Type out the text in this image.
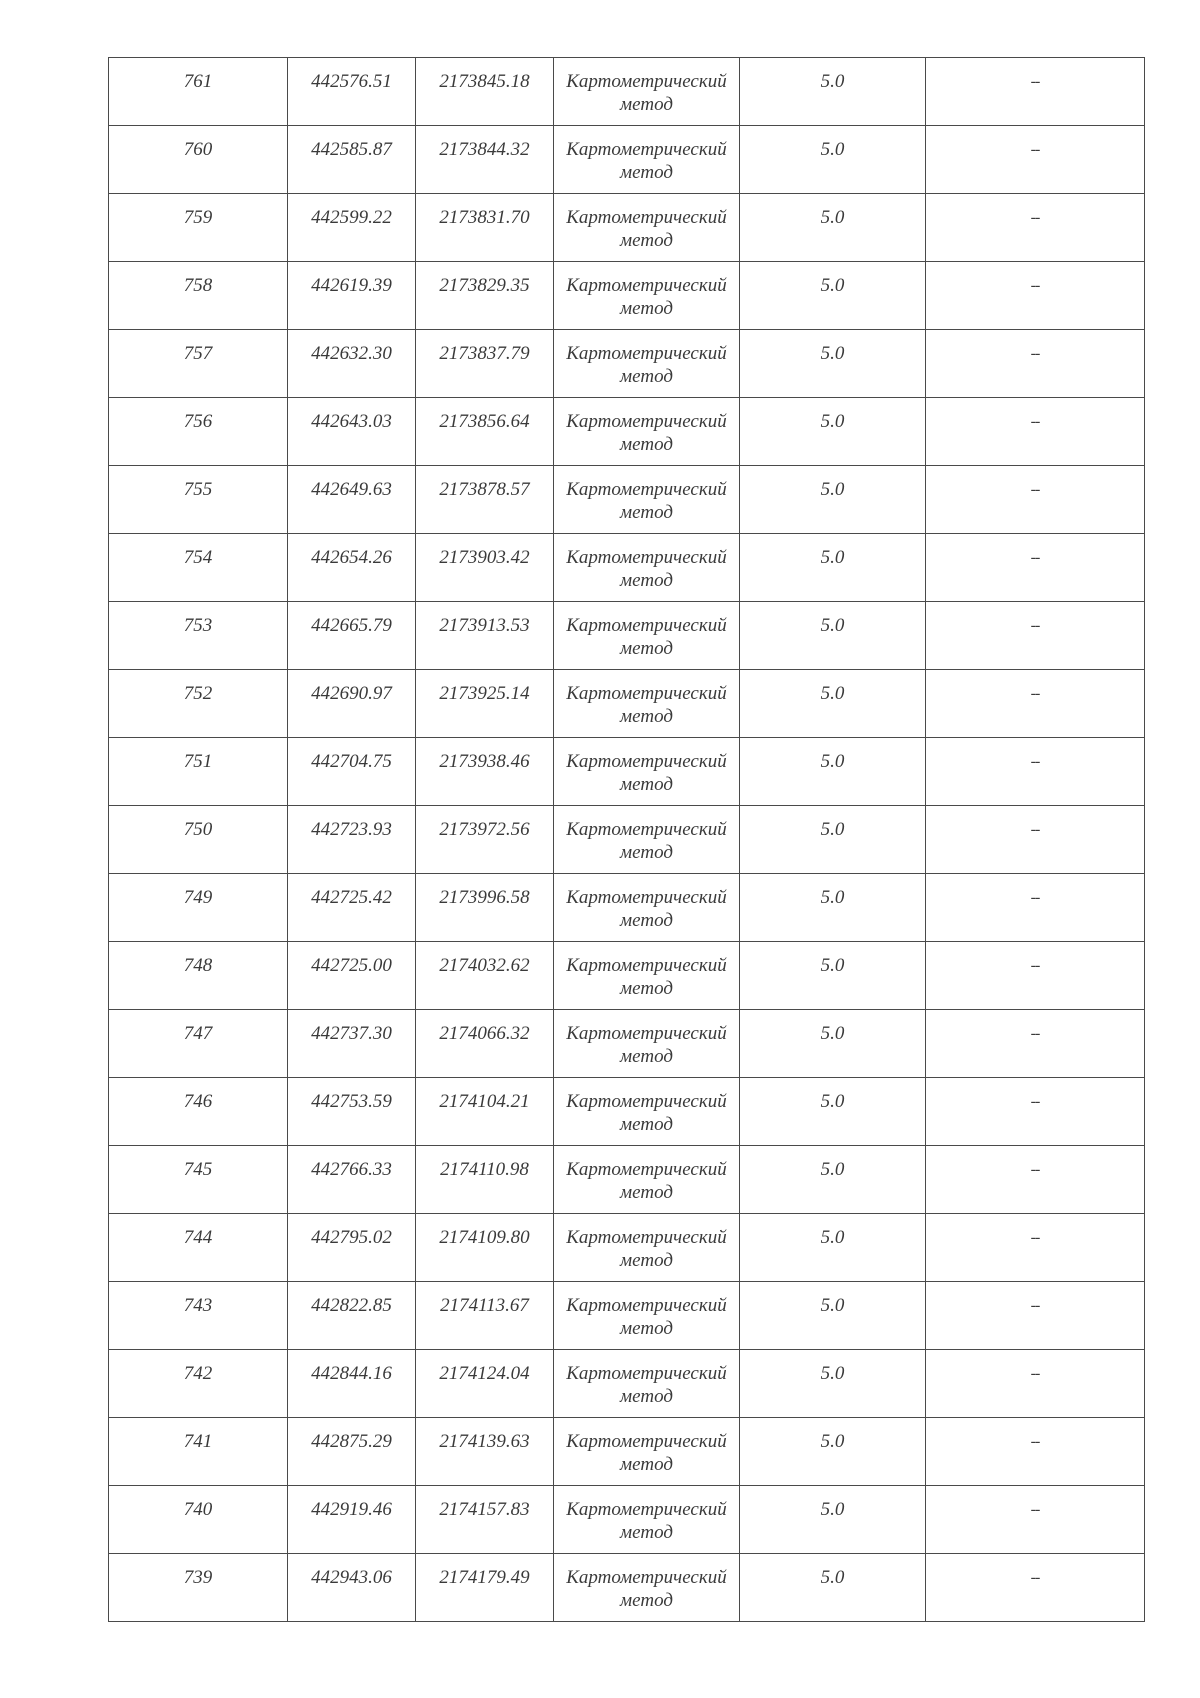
761	442576.51	2173845.18	Картометрический
метод	5.0	--

760	442585.87	2173844.32	Картометрический
метод	5.0	--

759	442599.22	2173831.70	Картометрический
метод	5.0	--

758	442619.39	2173829.35	Картометрический
метод	5.0	--

757	442632.30	2173837.79	Картометрический
метод	5.0	--

756	442643.03	2173856.64	Картометрический
метод	5.0	--

755	442649.63	2173878.57	Картометрический
метод	5.0	--

754	442654.26	2173903.42	Картометрический
метод	5.0	--

753	442665.79	2173913.53	Картометрический
метод	5.0	--

752	442690.97	2173925.14	Картометрический
метод	5.0	--

751	442704.75	2173938.46	Картометрический
метод	5.0	--

750	442723.93	2173972.56	Картометрический
метод	5.0	--

749	442725.42	2173996.58	Картометрический
метод	5.0	--

748	442725.00	2174032.62	Картометрический
метод	5.0	--

747	442737.30	2174066.32	Картометрический
метод	5.0	--

746	442753.59	2174104.21	Картометрический
метод	5.0	--

745	442766.33	2174110.98	Картометрический
метод	5.0	--

744	442795.02	2174109.80	Картометрический
метод	5.0	--

743	442822.85	2174113.67	Картометрический
метод	5.0	--

742	442844.16	2174124.04	Картометрический
метод	5.0	--

741	442875.29	2174139.63	Картометрический
метод	5.0	--

740	442919.46	2174157.83	Картометрический
метод	5.0	--

739	442943.06	2174179.49	Картометрический
метод	5.0	--
